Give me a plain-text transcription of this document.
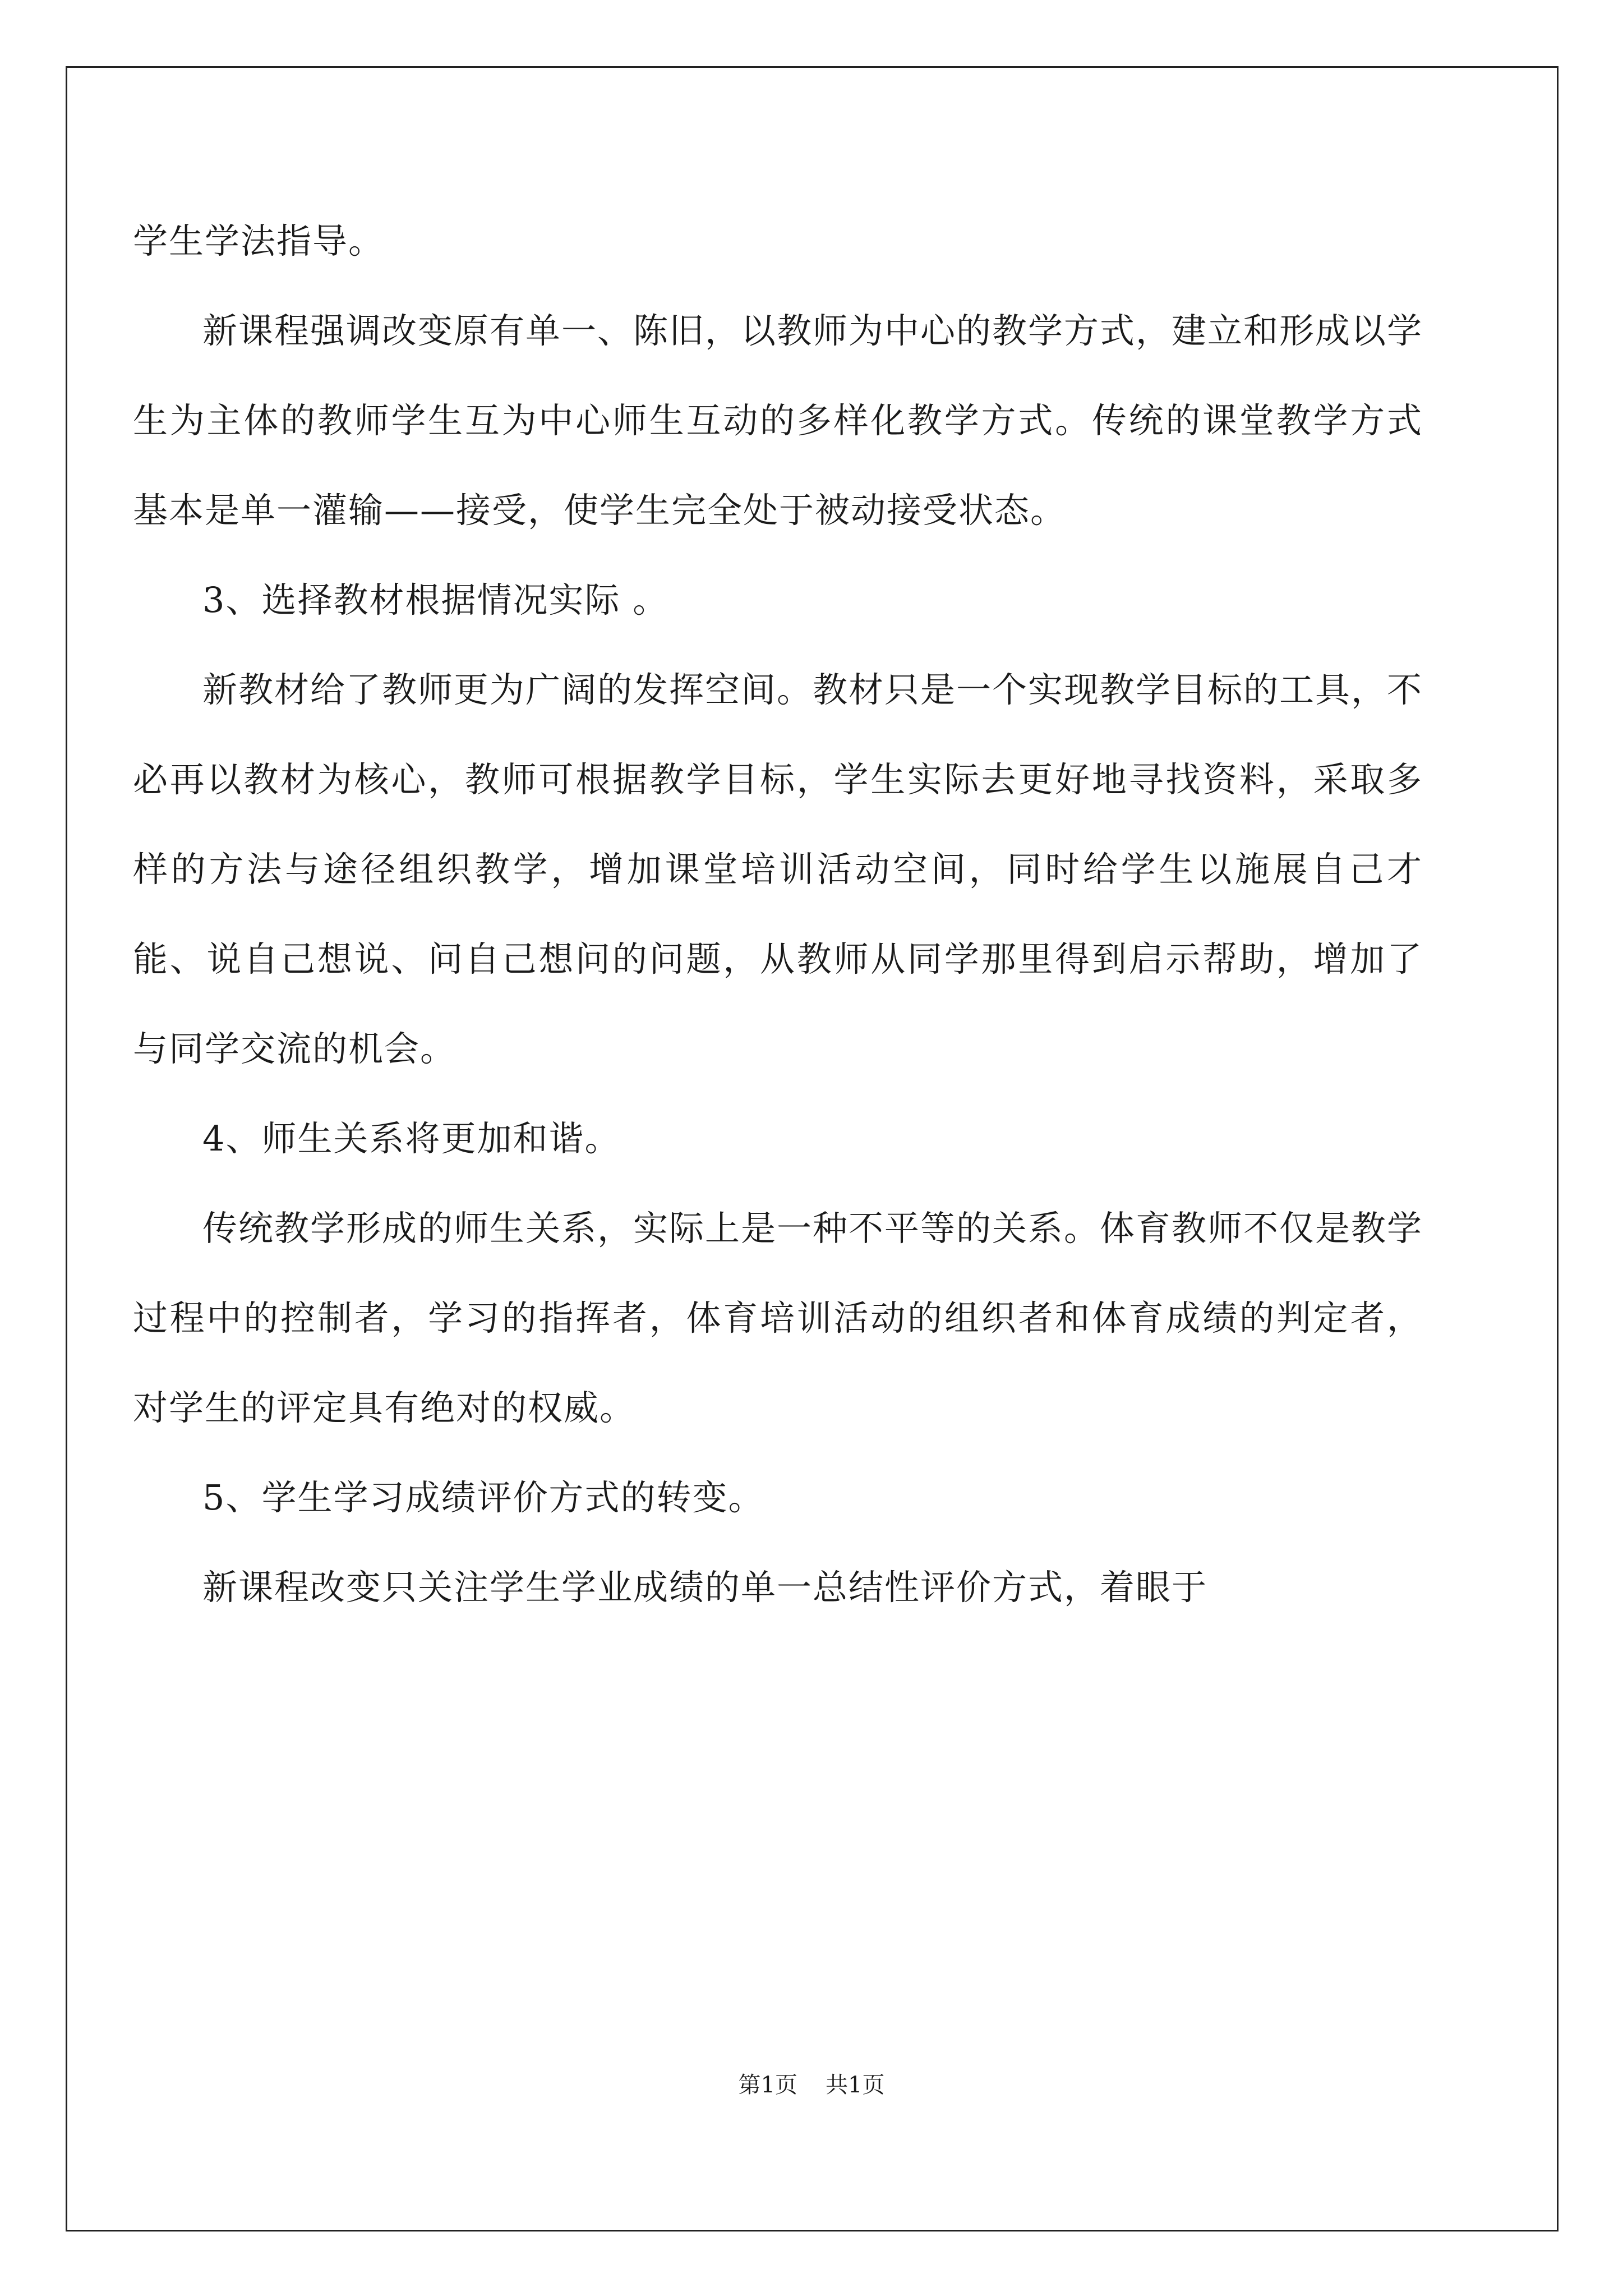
学生学法指导。

新课程强调改变原有单一、陈旧，以教师为中心的教学方式，建立和形成以学生为主体的教师学生互为中心师生互动的多样化教学方式。传统的课堂教学方式基本是单一灌输——接受，使学生完全处于被动接受状态。

3、选择教材根据情况实际 。

新教材给了教师更为广阔的发挥空间。教材只是一个实现教学目标的工具，不必再以教材为核心，教师可根据教学目标，学生实际去更好地寻找资料，采取多样的方法与途径组织教学，增加课堂培训活动空间，同时给学生以施展自己才能、说自己想说、问自己想问的问题，从教师从同学那里得到启示帮助，增加了与同学交流的机会。

4、师生关系将更加和谐。

传统教学形成的师生关系，实际上是一种不平等的关系。体育教师不仅是教学过程中的控制者，学习的指挥者，体育培训活动的组织者和体育成绩的判定者，对学生的评定具有绝对的权威。

5、学生学习成绩评价方式的转变。

新课程改变只关注学生学业成绩的单一总结性评价方式，着眼于

第1页 共1页
